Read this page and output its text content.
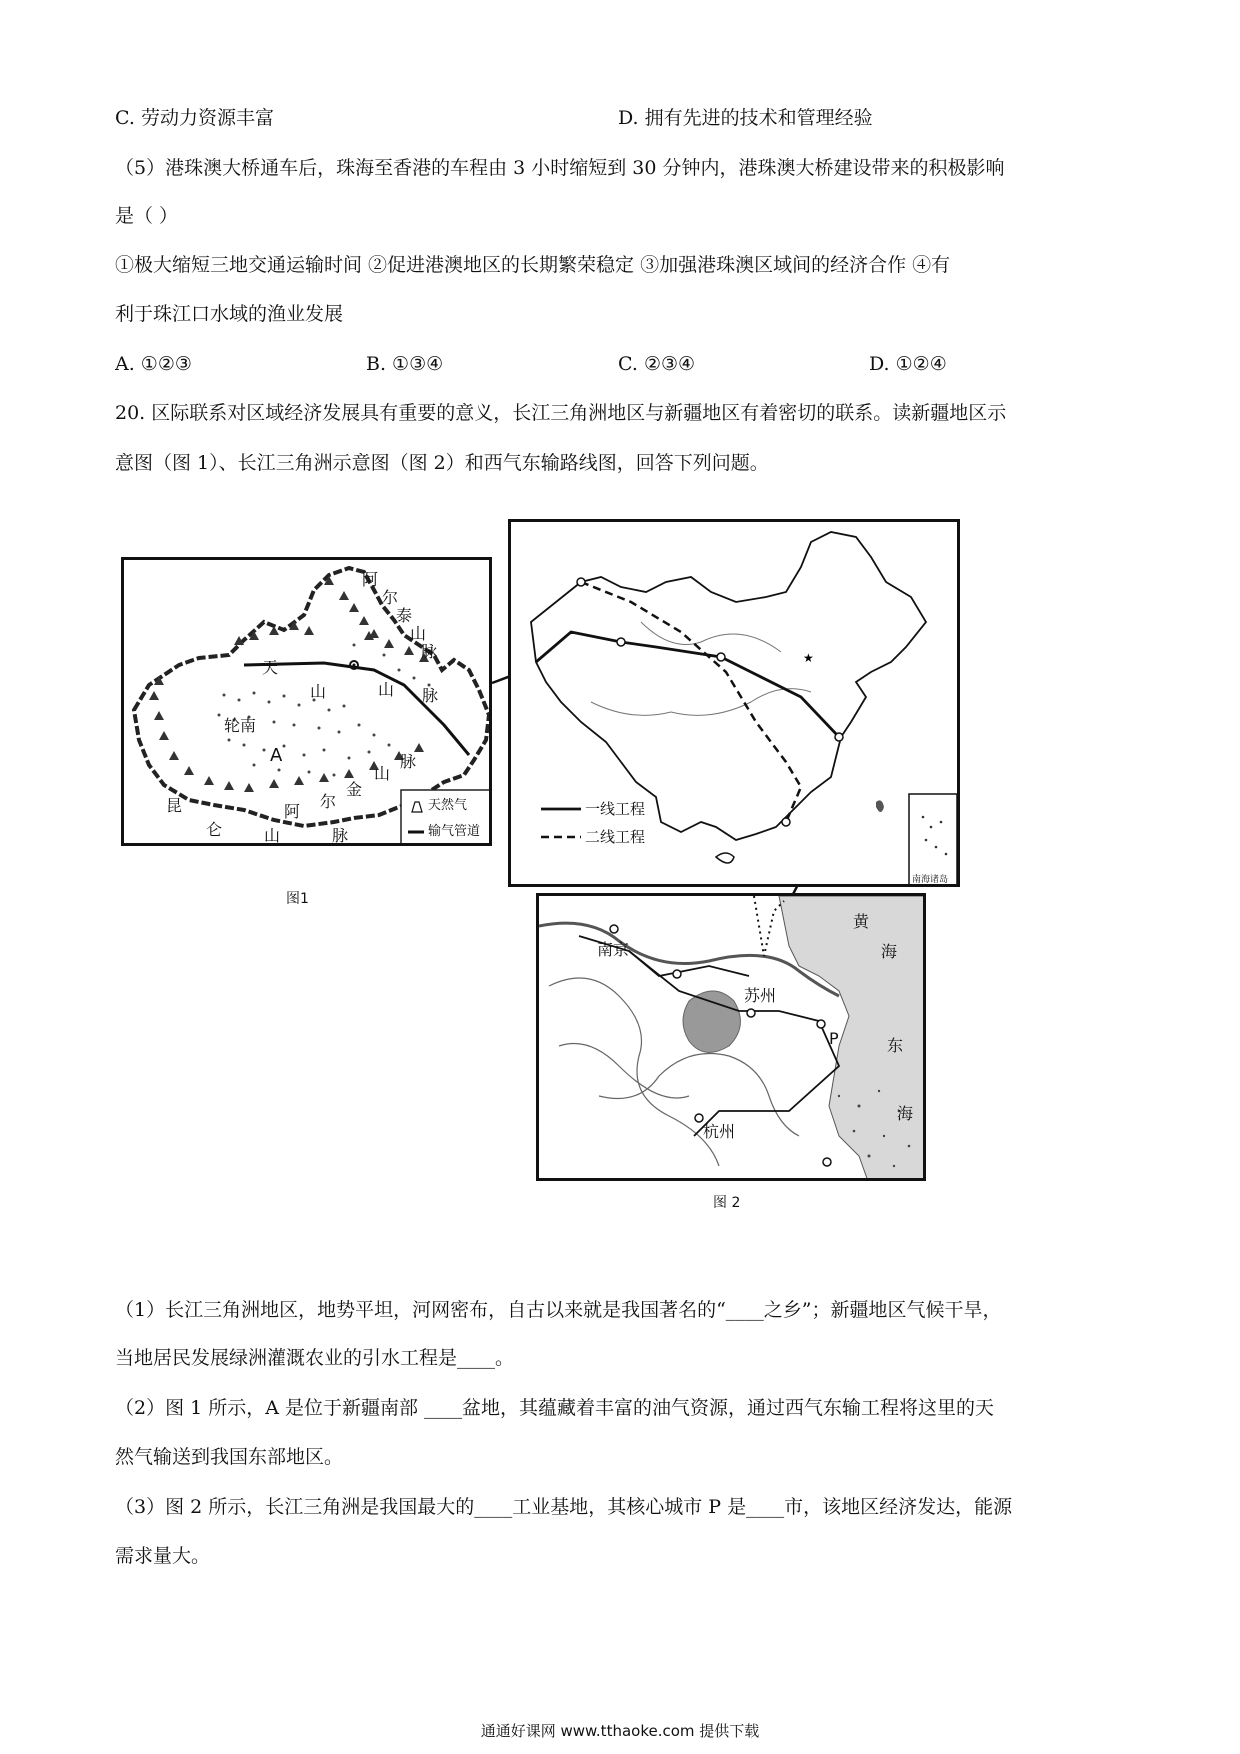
C. 劳动力资源丰富	D. 拥有先进的技术和管理经验
（5）港珠澳大桥通车后，珠海至香港的车程由 3 小时缩短到 30 分钟内，港珠澳大桥建设带来的积极影响
是（ ）
①极大缩短三地交通运输时间 ②促进港澳地区的长期繁荣稳定 ③加强港珠澳区域间的经济合作 ④有
利于珠江口水域的渔业发展
A. ①②③	B. ①③④	C. ②③④	D. ①②④
20. 区际联系对区域经济发展具有重要的意义，长江三角洲地区与新疆地区有着密切的联系。读新疆地区示
意图（图 1）、长江三角洲示意图（图 2）和西气东输路线图，回答下列问题。
阿
尔
泰
山
脉
天
山	山 脉
轮南
A
阿
尔
金
山
脉
昆
仑	山	脉
天然气
输气管道
图1
★
一线工程
二线工程
南海诸岛
南京
苏州
杭州
P
黄
海
东
海
图 2
（1）长江三角洲地区，地势平坦，河网密布，自古以来就是我国著名的“____之乡”；新疆地区气候干旱，
当地居民发展绿洲灌溉农业的引水工程是____。
（2）图 1 所示，A 是位于新疆南部 ____盆地，其蕴藏着丰富的油气资源，通过西气东输工程将这里的天
然气输送到我国东部地区。
（3）图 2 所示，长江三角洲是我国最大的____工业基地，其核心城市 P 是____市，该地区经济发达，能源
需求量大。
通通好课网 www.tthaoke.com 提供下载
